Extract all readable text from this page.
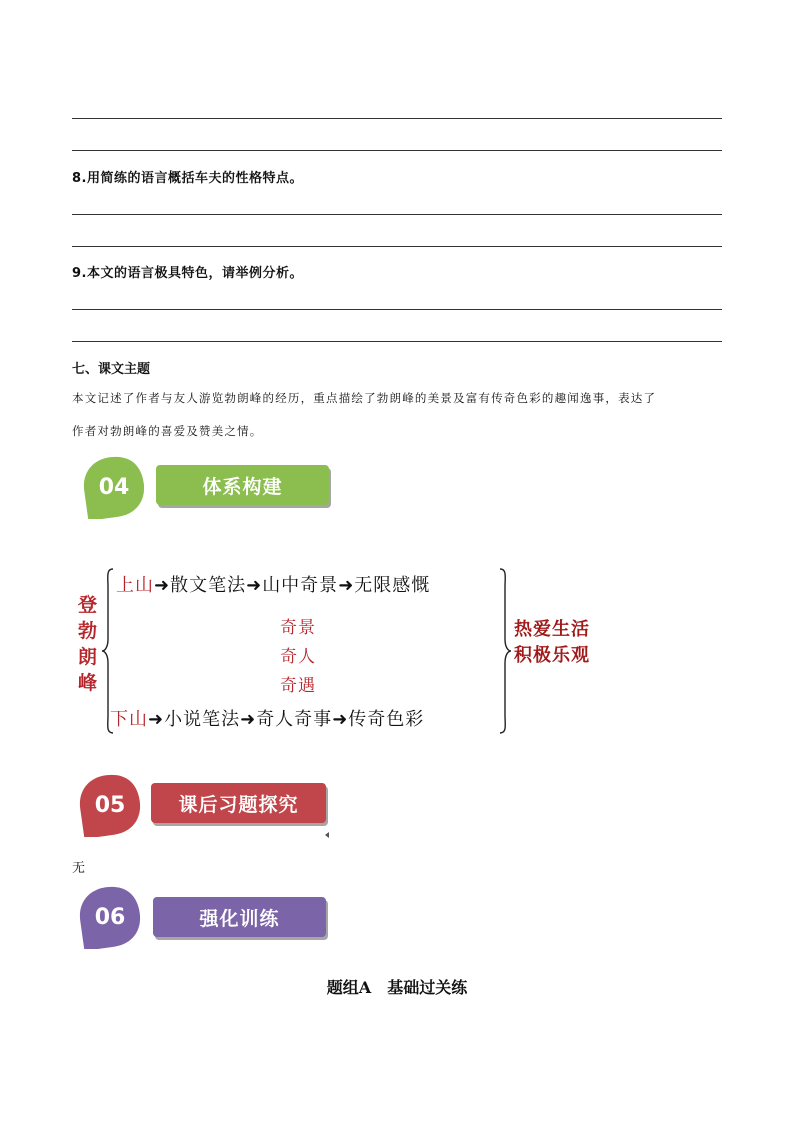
8.用简练的语言概括车夫的性格特点。
9.本文的语言极具特色，请举例分析。
七、课文主题
本文记述了作者与友人游览勃朗峰的经历，重点描绘了勃朗峰的美景及富有传奇色彩的趣闻逸事，表达了
作者对勃朗峰的喜爱及赞美之情。
04	体系构建
登
勃
朗
峰
上山➜散文笔法➜山中奇景➜无限感慨
奇景
奇人
奇遇
下山➜小说笔法➜奇人奇事➜传奇色彩
热爱生活
积极乐观
05	课后习题探究
无
06	强化训练
题组A　基础过关练
